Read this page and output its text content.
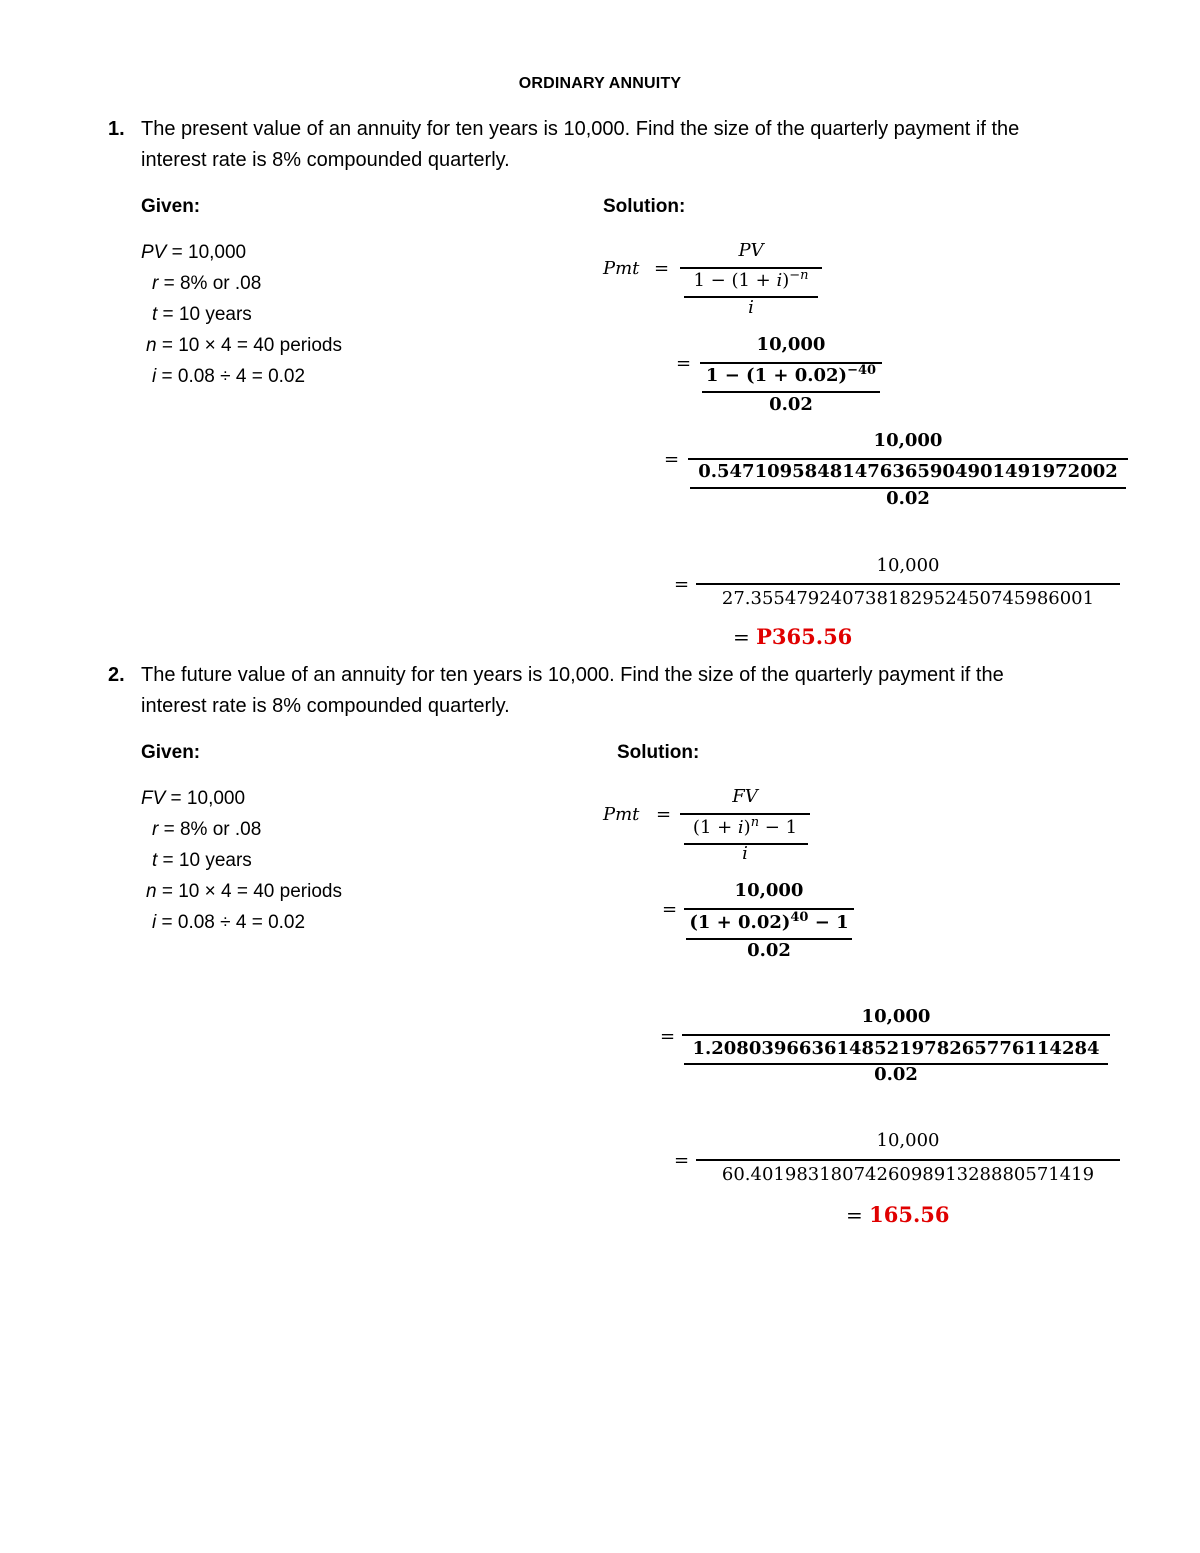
ORDINARY ANNUITY
1. The present value of an annuity for ten years is 10,000. Find the size of the quarterly payment if the
interest rate is 8% compounded quarterly.
Given:	Solution:
PV = 10,000
r = 8% or .08
t = 10 years
n = 10 × 4 = 40 periods
i = 0.08 ÷ 4 = 0.02
Pmt =
PV
1 − (1 + 𝑖)$^{-𝑛}$
𝑖
=
10,000
$1 - (1 + 0.02)^{-40}$
0.02
=
10,000
0.54710958481476365904901491972002
0.02
=
10,000
27.355479240738182952450745986001
= P365.56
2. The future value of an annuity for ten years is 10,000. Find the size of the quarterly payment if the
interest rate is 8% compounded quarterly.
Given:	Solution:
FV = 10,000
r = 8% or .08
t = 10 years
n = 10 × 4 = 40 periods
i = 0.08 ÷ 4 = 0.02
Pmt =
FV
(1 + 𝑖)$^𝑛$ − 1
𝑖
=
10,000
$(1 + 0.02)^{40} - 1$
0.02
=
10,000
1.2080396636148521978265776114284
0.02
=
10,000
60.401983180742609891328880571419
= 165.56
